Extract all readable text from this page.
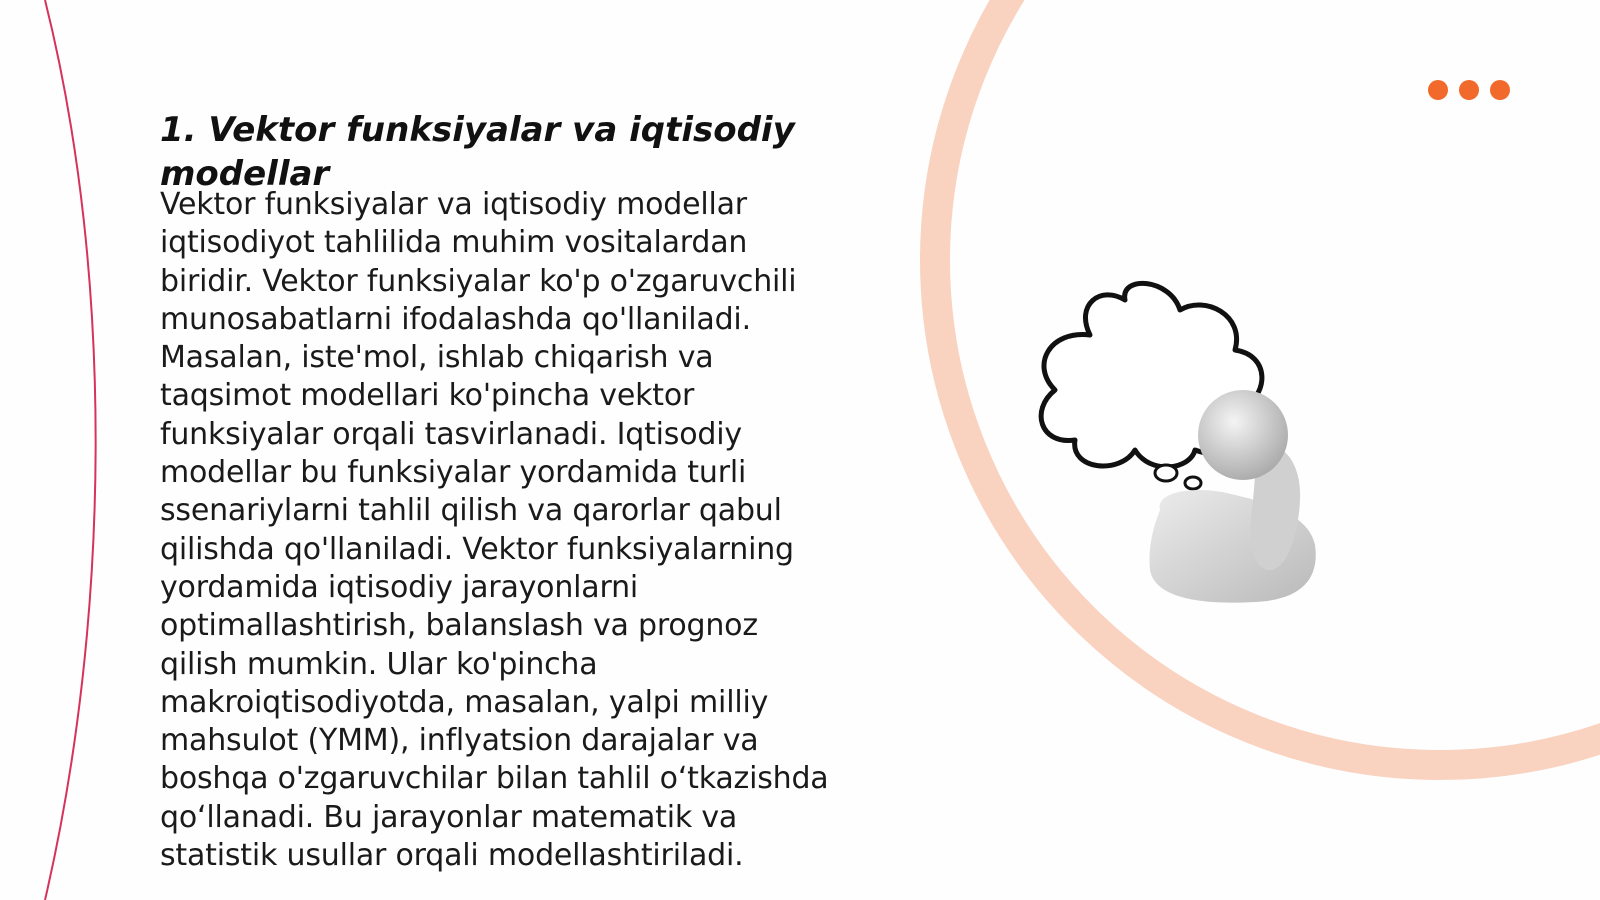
1. Vektor funksiyalar va iqtisodiy modellar

Vektor funksiyalar va iqtisodiy modellar iqtisodiyot tahlilida muhim vositalardan biridir. Vektor funksiyalar ko'p o'zgaruvchili munosabatlarni ifodalashda qo'llaniladi. Masalan, iste'mol, ishlab chiqarish va taqsimot modellari ko'pincha vektor funksiyalar orqali tasvirlanadi. Iqtisodiy modellar bu funksiyalar yordamida turli ssenariylarni tahlil qilish va qarorlar qabul qilishda qo'llaniladi. Vektor funksiyalarning yordamida iqtisodiy jarayonlarni optimallashtirish, balanslash va prognoz qilish mumkin. Ular ko'pincha makroiqtisodiyotda, masalan, yalpi milliy mahsulot (YMM), inflyatsion darajalar va boshqa o'zgaruvchilar bilan tahlil o‘tkazishda qo‘llanadi. Bu jarayonlar matematik va statistik usullar orqali modellashtiriladi.
